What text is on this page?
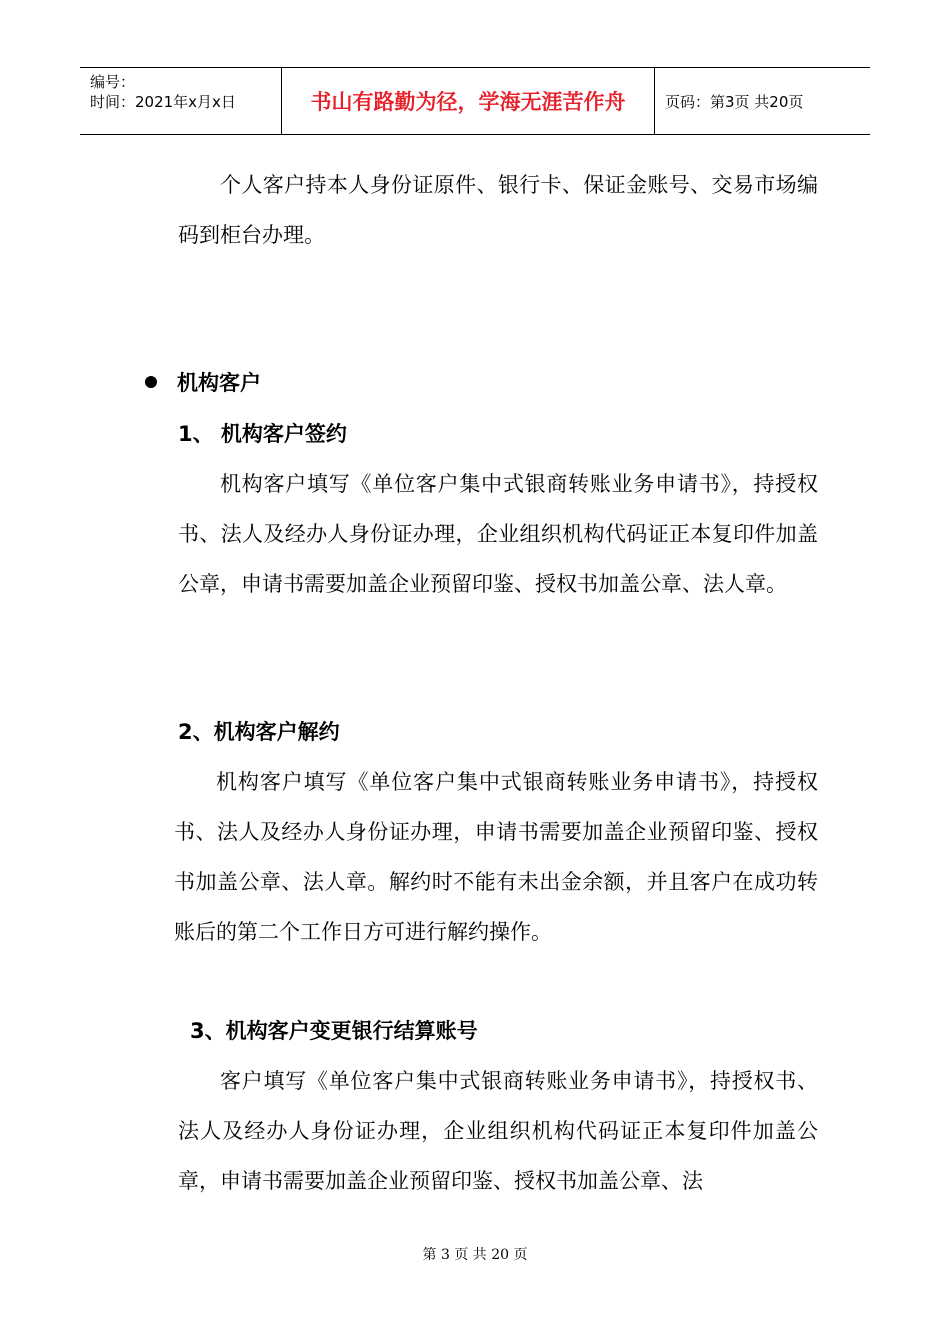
编号：
时间：2021年x月x日	书山有路勤为径，学海无涯苦作舟	页码：第3页 共20页

个人客户持本人身份证原件、银行卡、保证金账号、交易市场编码到柜台办理。

机构客户
1、 机构客户签约

机构客户填写《单位客户集中式银商转账业务申请书》，持授权书、法人及经办人身份证办理，企业组织机构代码证正本复印件加盖公章，申请书需要加盖企业预留印鉴、授权书加盖公章、法人章。

2、机构客户解约

机构客户填写《单位客户集中式银商转账业务申请书》，持授权书、法人及经办人身份证办理，申请书需要加盖企业预留印鉴、授权书加盖公章、法人章。解约时不能有未出金余额，并且客户在成功转账后的第二个工作日方可进行解约操作。

3、机构客户变更银行结算账号

客户填写《单位客户集中式银商转账业务申请书》，持授权书、法人及经办人身份证办理，企业组织机构代码证正本复印件加盖公章，申请书需要加盖企业预留印鉴、授权书加盖公章、法

第 3 页 共 20 页
